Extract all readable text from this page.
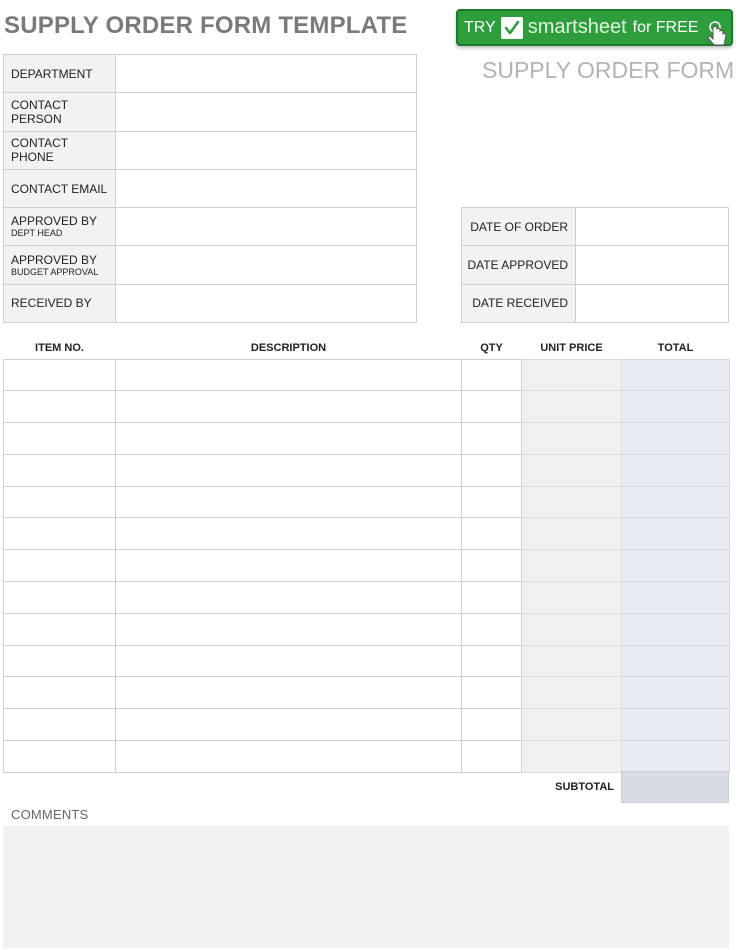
SUPPLY ORDER FORM TEMPLATE	TRY smartsheet for FREE
SUPPLY ORDER FORM
DEPARTMENT	
CONTACT PERSON	
CONTACT PHONE	
CONTACT EMAIL	
APPROVED BY
DEPT HEAD	

APPROVED BY
BUDGET APPROVAL	

RECEIVED BY	
DATE OF ORDER	
DATE APPROVED	
DATE RECEIVED	
ITEM NO.	DESCRIPTION	QTY	UNIT PRICE	TOTAL

SUBTOTAL
COMMENTS
